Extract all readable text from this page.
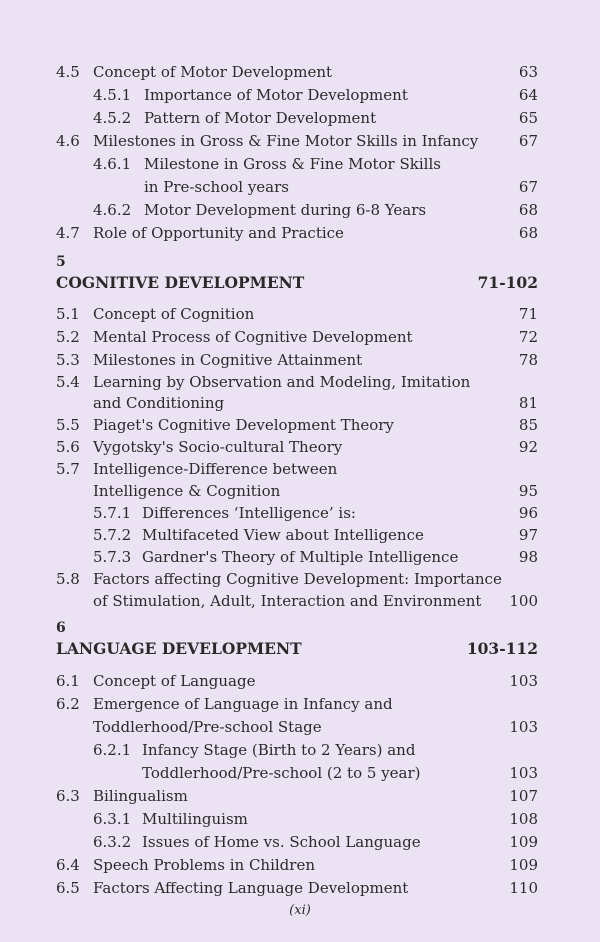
4.5 Concept of Motor Development	63
4.5.1 Importance of Motor Development	64
4.5.2 Pattern of Motor Development	65
4.6 Milestones in Gross & Fine Motor Skills in Infancy	67
4.6.1 Milestone in Gross & Fine Motor Skills
in Pre-school years	67
4.6.2 Motor Development during 6-8 Years	68
4.7 Role of Opportunity and Practice	68
5
COGNITIVE DEVELOPMENT	71-102
5.1 Concept of Cognition	71
5.2 Mental Process of Cognitive Development	72
5.3 Milestones in Cognitive Attainment	78
5.4 Learning by Observation and Modeling, Imitation
and Conditioning	81
5.5 Piaget's Cognitive Development Theory	85
5.6 Vygotsky's Socio-cultural Theory	92
5.7 Intelligence-Difference between
Intelligence & Cognition	95
5.7.1 Differences ‘Intelligence’ is:	96
5.7.2 Multifaceted View about Intelligence	97
5.7.3 Gardner's Theory of Multiple Intelligence	98
5.8 Factors affecting Cognitive Development: Importance
of Stimulation, Adult, Interaction and Environment 100
6
LANGUAGE DEVELOPMENT	103-112
6.1 Concept of Language	103
6.2 Emergence of Language in Infancy and
Toddlerhood/Pre-school Stage	103
6.2.1 Infancy Stage (Birth to 2 Years) and
Toddlerhood/Pre-school (2 to 5 year)	103
6.3 Bilingualism	107
6.3.1 Multilinguism	108
6.3.2 Issues of Home vs. School Language	109
6.4 Speech Problems in Children	109
6.5 Factors Affecting Language Development	110
(xi)
